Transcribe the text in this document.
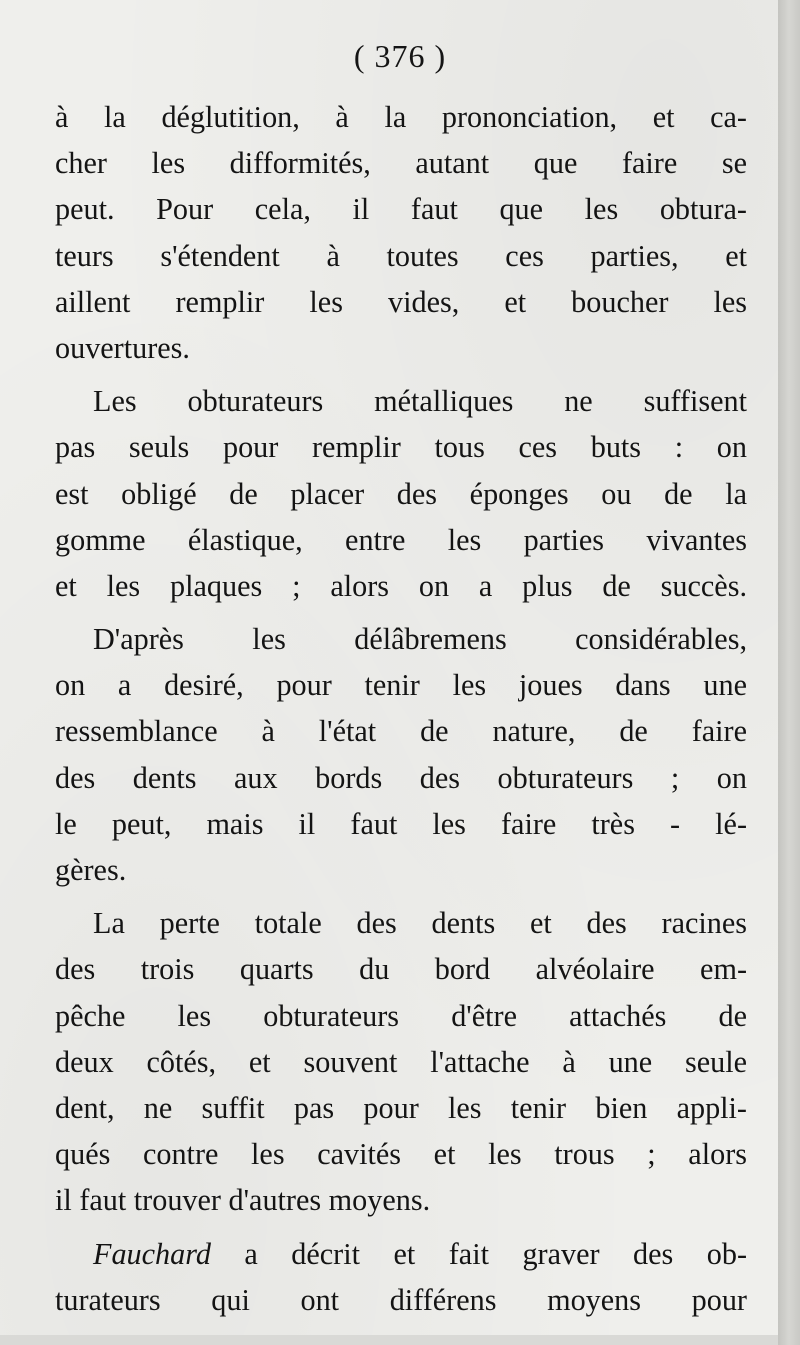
( 376 )
à la déglutition, à la prononciation, et ca-
cher les difformités, autant que faire se
peut. Pour cela, il faut que les obtura-
teurs s'étendent à toutes ces parties, et
aillent remplir les vides, et boucher les
ouvertures.
Les obturateurs métalliques ne suffisent
pas seuls pour remplir tous ces buts : on
est obligé de placer des éponges ou de la
gomme élastique, entre les parties vivantes
et les plaques ; alors on a plus de succès.
D'après les délâbremens considérables,
on a desiré, pour tenir les joues dans une
ressemblance à l'état de nature, de faire
des dents aux bords des obturateurs ; on
le peut, mais il faut les faire très - lé-
gères.
La perte totale des dents et des racines
des trois quarts du bord alvéolaire em-
pêche les obturateurs d'être attachés de
deux côtés, et souvent l'attache à une seule
dent, ne suffit pas pour les tenir bien appli-
qués contre les cavités et les trous ; alors
il faut trouver d'autres moyens.
Fauchard a décrit et fait graver des ob-
turateurs qui ont différens moyens pour
